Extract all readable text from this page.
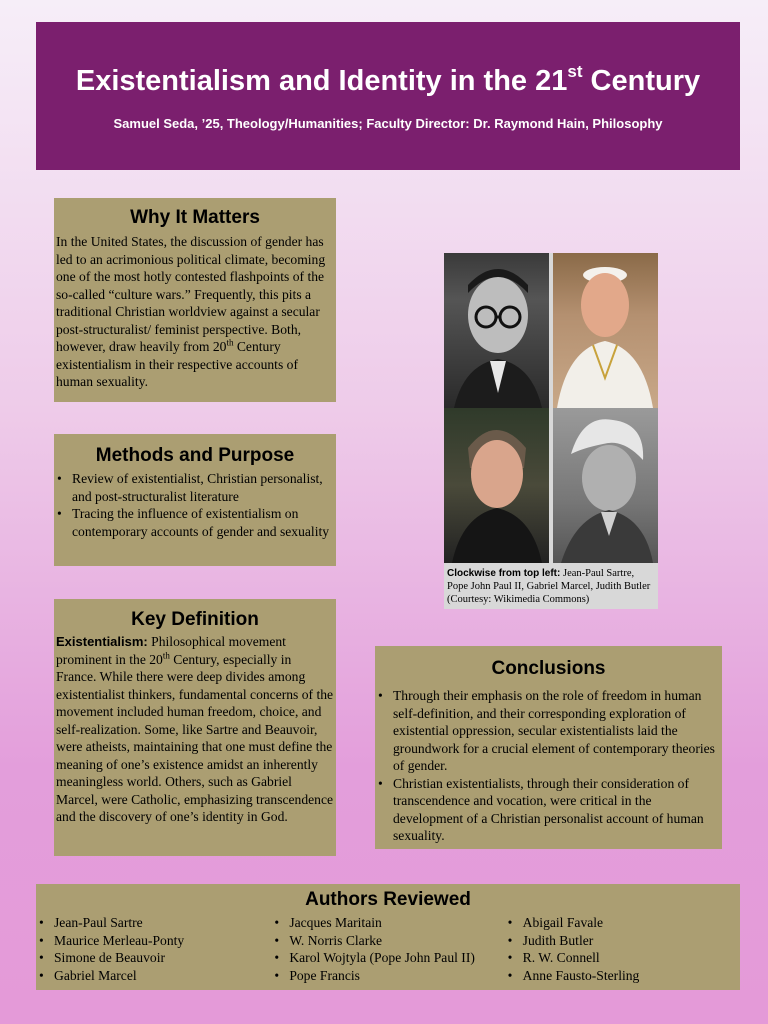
Existentialism and Identity in the 21st Century
Samuel Seda, ’25, Theology/Humanities; Faculty Director: Dr. Raymond Hain, Philosophy
Why It Matters

In the United States, the discussion of gender has led to an acrimonious political climate, becoming one of the most hotly contested flashpoints of the so-called “culture wars.” Frequently, this pits a traditional Christian worldview against a secular post-structuralist/ feminist perspective. Both, however, draw heavily from 20th Century existentialism in their respective accounts of human sexuality.

Methods and Purpose
• Review of existentialist, Christian personalist, and post-structuralist literature
• Tracing the influence of existentialism on contemporary accounts of gender and sexuality
Key Definition

Existentialism: Philosophical movement prominent in the 20th Century, especially in France. While there were deep divides among existentialist thinkers, fundamental concerns of the movement included human freedom, choice, and self-realization. Some, like Sartre and Beauvoir, were atheists, maintaining that one must define the meaning of one’s existence amidst an inherently meaningless world. Others, such as Gabriel Marcel, were Catholic, emphasizing transcendence and the discovery of one’s identity in God.

Clockwise from top left: Jean-Paul Sartre, Pope John Paul II, Gabriel Marcel, Judith Butler (Courtesy: Wikimedia Commons)
Conclusions
• Through their emphasis on the role of freedom in human self-definition, and their corresponding exploration of existential oppression, secular existentialists laid the groundwork for a crucial element of contemporary theories of gender.
• Christian existentialists, through their consideration of transcendence and vocation, were critical in the development of a Christian personalist account of human sexuality.
Authors Reviewed
• Jean-Paul Sartre
• Maurice Merleau-Ponty
• Simone de Beauvoir
• Gabriel Marcel
• Jacques Maritain
• W. Norris Clarke
• Karol Wojtyla (Pope John Paul II)
• Pope Francis
• Abigail Favale
• Judith Butler
• R. W. Connell
• Anne Fausto-Sterling
